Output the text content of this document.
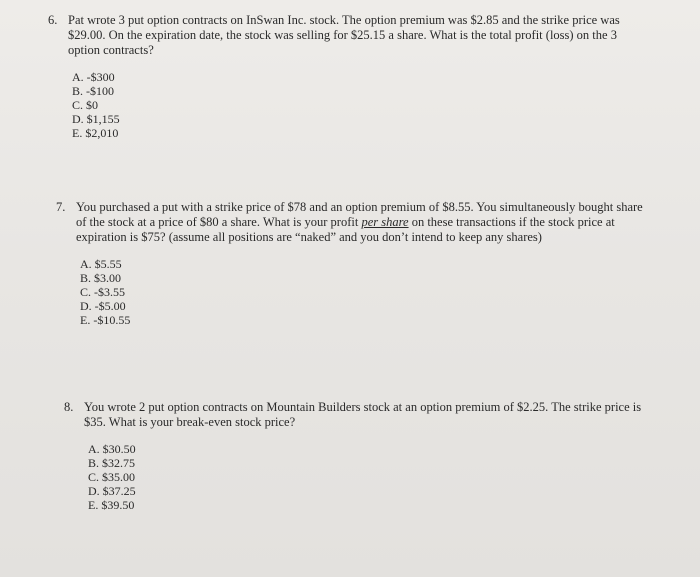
6. Pat wrote 3 put option contracts on InSwan Inc. stock. The option premium was $2.85 and the strike price was $29.00. On the expiration date, the stock was selling for $25.15 a share. What is the total profit (loss) on the 3 option contracts?
A. -$300
B. -$100
C. $0
D. $1,155
E. $2,010
7. You purchased a put with a strike price of $78 and an option premium of $8.55. You simultaneously bought share of the stock at a price of $80 a share. What is your profit per share on these transactions if the stock price at expiration is $75? (assume all positions are “naked” and you don’t intend to keep any shares)
A. $5.55
B. $3.00
C. -$3.55
D. -$5.00
E. -$10.55
8. You wrote 2 put option contracts on Mountain Builders stock at an option premium of $2.25. The strike price is $35. What is your break-even stock price?
A. $30.50
B. $32.75
C. $35.00
D. $37.25
E. $39.50
